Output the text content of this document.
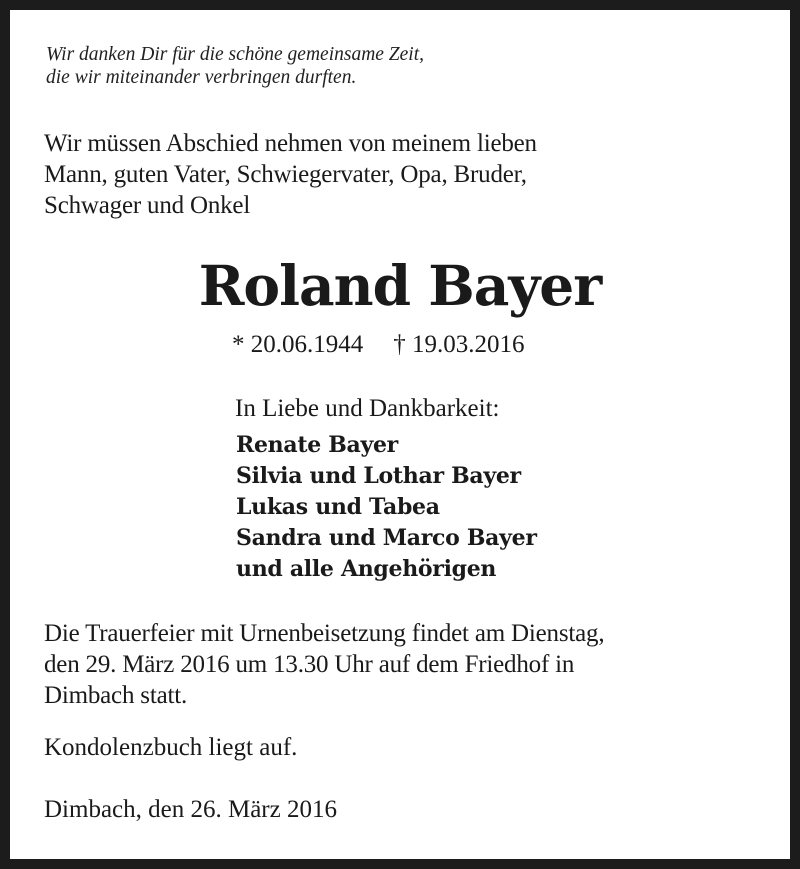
Wir danken Dir für die schöne gemeinsame Zeit,
die wir miteinander verbringen durften.
Wir müssen Abschied nehmen von meinem lieben
Mann, guten Vater, Schwiegervater, Opa, Bruder,
Schwager und Onkel
Roland Bayer
* 20.06.1944 † 19.03.2016
In Liebe und Dankbarkeit:
Renate Bayer
Silvia und Lothar Bayer
Lukas und Tabea
Sandra und Marco Bayer
und alle Angehörigen
Die Trauerfeier mit Urnenbeisetzung findet am Dienstag,
den 29. März 2016 um 13.30 Uhr auf dem Friedhof in
Dimbach statt.
Kondolenzbuch liegt auf.
Dimbach, den 26. März 2016
